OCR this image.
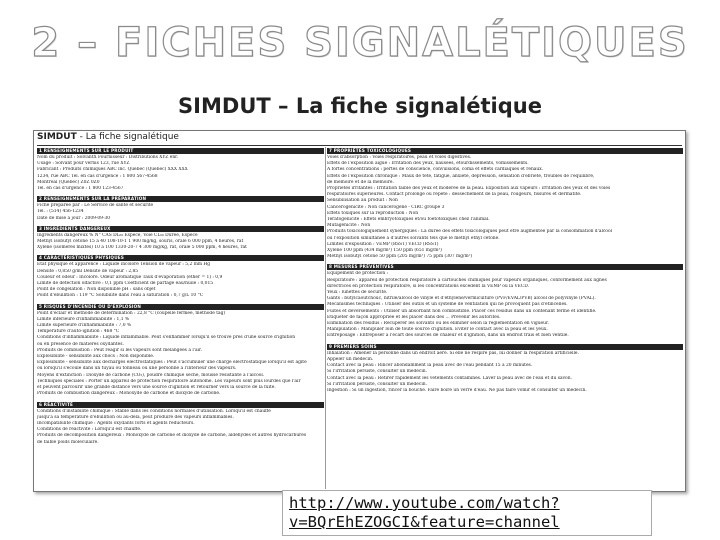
2 – FICHES SIGNALÉTIQUES
SIMDUT – La fiche signalétique
SIMDUT - La fiche signalétique
1 RENSEIGNEMENTS SUR LE PRODUIT
Nom du produit : SolvantX Fournisseur : Distributions XYZ enr.
Usage : Solvant pour vernis 123, rue XYZ
Fabricant : Produits chimiques ABC inc. Québec (Québec) XXX XXX
1234, rue ABC Tél. en cas d'urgence : 1 800 567-4568
Montréal (Québec) Z0Z 0Z0
Tél. en cas d'urgence : 1 800 123-4567
2 RENSEIGNEMENTS SUR LA PRÉPARATION
Fiche préparée par : Le Service de santé et sécurité
Tél. : (514) 456-1234
Date de mise à jour : 2009-09-30
3 INGRÉDIENTS DANGEREUX
Ingrédients dangereux % N° CAS DL₅₀ Espèce, Voie CL₅₀ Durée, Espèce
Méthyl isobutyl cétone 15 à 40 108-10-1 1 900 mg/kg, souris, orale 6 000 ppm, 4 heures, rat
Xylène (isomères mixtes) 10 à 100 1330-20-7 4 300 mg/kg, rat, orale 5 000 ppm, 4 heures, rat
4 CARACTÉRISTIQUES PHYSIQUES
État physique et apparence : Liquide incolore Tension de vapeur : 5,2 mm Hg
Densité : 0,850 g/ml Densité de vapeur : 2,85
Couleur et odeur : Incolore. Odeur aromatique Taux d'évaporation (éther = 1) : 0,9
Limite de détection olfactive : 0,1 ppm Coefficient de partage eau/huile : 0,015
Point de congélation : Non disponible pH : sans objet
Point d'ébullition : 119 °C Solubilité dans l'eau à saturation : 0,7 g/L 10 °C
5 RISQUES D'INCENDIE OU D'EXPLOSION
Point d'éclair et méthode de détermination : 22,8 °C (coupelle fermée, méthode tag)
Limite inférieure d'inflammabilité : 1,1 %
Limite supérieure d'inflammabilité : 7,0 %
Température d'auto-ignition : 468 °C
Conditions d'inflammabilité : Liquide inflammable. Peut s'enflammer lorsqu'il se trouve près d'une source d'ignition
ou en présence de matières oxydantes.
Produits de combustion : Peut réagir si les vapeurs sont mélangées à l'air.
Explosibilité - sensibilité aux chocs : Non disponible.
Explosibilité - sensibilité aux décharges électrostatiques : Peut s'accumuler une charge électrostatique lorsqu'il est agité
ou lorsqu'il s'écoule dans un tuyau ou tonneau ou une personne à l'intérieur des vapeurs.
Moyens d'extinction : Dioxyde de carbone (CO₂), poudre chimique sèche, mousse résistante à l'alcool.
Techniques spéciales : Porter un appareil de protection respiratoire autonome. Les vapeurs sont plus lourdes que l'air
et peuvent parcourir une grande distance vers une source d'ignition et retourner vers la source de la fuite.
Produits de combustion dangereux : Monoxyde de carbone et dioxyde de carbone.
6 RÉACTIVITÉ
Conditions d'instabilité chimique : Stable dans les conditions normales d'utilisation. Lorsqu'il est chauffé
jusqu'à sa température d'ébullition ou au-delà, peut produire des vapeurs inflammables.
Incompatibilité chimique : Agents oxydants forts et agents réducteurs.
Conditions de réactivité : Lorsqu'il est chauffé.
Produits de décomposition dangereux : Monoxyde de carbone et dioxyde de carbone, aldéhydes et autres hydrocarbures
de faible poids moléculaire.
7 PROPRIÉTÉS TOXICOLOGIQUES
Voies d'absorption : Voies respiratoires, peau et voies digestives.
Effets de l'exposition aiguë : Irritation des yeux, nausées, étourdissements, vomissements.
À fortes concentrations : pertes de conscience, convulsions, coma et effets cardiaques et rénaux.
Effets de l'exposition chronique : Maux de tête, fatigue, anxiété, dépression, sensation d'ébriété, troubles de l'équilibre,
de mémoire et de la mémoire.
Propriétés irritantes : Irritation faible des yeux et modérée de la peau. Exposition aux vapeurs : irritation des yeux et des voies
respiratoires supérieures. Contact prolongé ou répété : dessèchement de la peau, rougeurs, fissures et dermatite.
Sensibilisation au produit : Non
Cancérogénicité : Non cancérogène - CIRC groupe 3
Effets toxiques sur la reproduction : Non
Tératogénicité : Effets embryotoxiques et/ou foetotoxiques chez l'animal.
Mutagénicité : Non
Produits toxicologiquement synergiques : La durée des effets toxicologiques peut être augmentée par la consommation d'alcool
ou l'exposition simultanée à d'autres solvants tels que le méthyl éthyl cétone.
Limites d'exposition : VEMP (RSST) VECD (RSST)
Xylène 100 ppm (434 mg/m³) 150 ppm (651 mg/m³)
Méthyl isobutyl cétone 50 ppm (205 mg/m³) 75 ppm (307 mg/m³)
8 MESURES PRÉVENTIVES
Équipement de protection :
Respiratoire : appareil de protection respiratoire à cartouches chimiques pour vapeurs organiques, conformément aux lignes
directrices en protection respiratoire, si les concentrations excèdent la VEMP ou la VECD.
Yeux : lunettes de sécurité.
Gants : butylcaoutchouc, nitrile/alcool de vinyle et d'éthylène/vermiculture (PVF/EVAL/PVB) alcool de polyvinyle (PVAL).
Mécanismes techniques : Utiliser des outils et un système de ventilation qui ne provoquent pas d'étincelles.
Fuites et déversements : Utiliser un absorbant non combustible. Placer ces résidus dans un contenant fermé et identifié.
Étiqueter de façon appropriée et les placer dans des ... Prévenir les autorités.
Élimination des résidus : Récupérer les solvants ou les éliminer selon la réglementation en vigueur.
Manipulation : Manipuler loin de toute source d'ignition. Éviter le contact avec la peau et les yeux.
Entreposage : Entreposer à l'écart des sources de chaleur et d'ignition, dans un endroit frais et bien ventilé.
9 PREMIERS SOINS
Inhalation : Amener la personne dans un endroit aéré. Si elle ne respire pas, lui donner la respiration artificielle.
Appeler un médecin.
Contact avec la peau : Rincer abondamment la peau avec de l'eau pendant 15 à 20 minutes.
Si l'irritation persiste, consulter un médecin.
Contact avec la peau : Retirer rapidement les vêtements contaminés. Laver la peau avec de l'eau et du savon.
Si l'irritation persiste, consulter un médecin.
Ingestion : Si un ingestion, rincer la bouche. Faire boire un verre d'eau. Ne pas faire vomir et consulter un médecin.
http://www.youtube.com/watch?v=BQrEhEZOGCI&feature=channel
